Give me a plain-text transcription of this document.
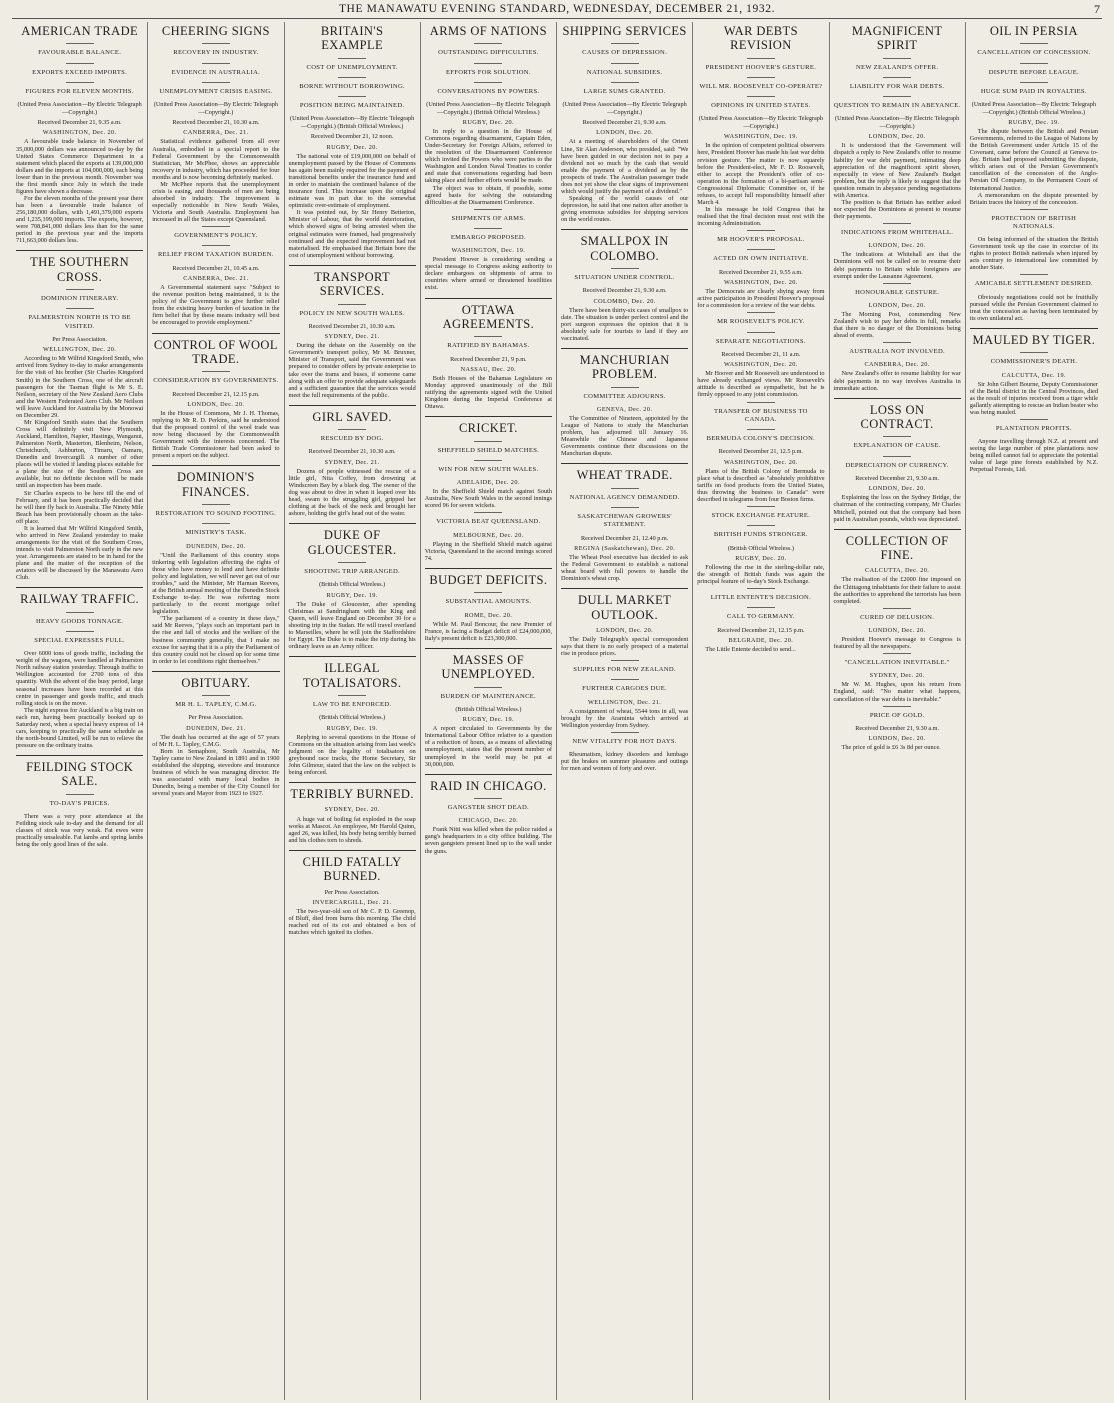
THE MANAWATU EVENING STANDARD, WEDNESDAY, DECEMBER 21, 1932.	7
AMERICAN TRADE
FAVOURABLE BALANCE.
EXPORTS EXCEED IMPORTS.
FIGURES FOR ELEVEN MONTHS.
(United Press Association—By Electric Telegraph—Copyright.)
Received December 21, 9.35 a.m.
WASHINGTON, Dec. 20.

A favourable trade balance in November of 35,000,000 dollars was announced to-day by the United States Commerce Department in a statement which placed the exports at 139,000,000 dollars and the imports at 104,000,000, each being lower than in the previous month. November was the first month since July in which the trade figures have shown a decrease.

For the eleven months of the present year there has been a favourable trade balance of 256,180,000 dollars, with 1,491,379,000 exports and 1,235,199,000 imports. The exports, however, were 708,841,000 dollars less than for the same period in the previous year and the imports 711,663,000 dollars less.

THE SOUTHERN CROSS.
DOMINION ITINERARY.
PALMERSTON NORTH IS TO BE VISITED.
Per Press Association.
WELLINGTON, Dec. 20.

According to Mr Wilfrid Kingsford Smith, who arrived from Sydney to-day to make arrangements for the visit of his brother (Sir Charles Kingsford Smith) in the Southern Cross, one of the aircraft passengers for the Tasman flight is Mr S. E. Neilson, secretary of the New Zealand Aero Clubs and the Western Federated Aero Club. Mr Neilson will leave Auckland for Australia by the Monowai on December 29.

Mr Kingsford Smith states that the Southern Cross will definitely visit New Plymouth, Auckland, Hamilton, Napier, Hastings, Wanganui, Palmerston North, Masterton, Blenheim, Nelson, Christchurch, Ashburton, Timaru, Oamaru, Dunedin and Invercargill. A number of other places will be visited if landing places suitable for a plane the size of the Southern Cross are available, but no definite decision will be made until an inspection has been made.

Sir Charles expects to be here till the end of February, and it has been practically decided that he will then fly back to Australia. The Ninety Mile Beach has been provisionally chosen as the take-off place.

It is learned that Mr Wilfrid Kingsford Smith, who arrived in New Zealand yesterday to make arrangements for the visit of the Southern Cross, intends to visit Palmerston North early in the new year. Arrangements are stated to be in hand for the plane and the matter of the reception of the aviators will be discussed by the Manawatu Aero Club.

RAILWAY TRAFFIC.
HEAVY GOODS TONNAGE.
SPECIAL EXPRESSES FULL.

Over 6000 tons of goods traffic, including the weight of the wagons, were handled at Palmerston North railway station yesterday. Through traffic to Wellington accounted for 2700 tons of this quantity. With the advent of the busy period, large seasonal increases have been recorded at this centre in passenger and goods traffic, and much rolling stock is on the move.

The night express for Auckland is a big train on each run, having been practically booked up to Saturday next, when a special heavy express of 14 cars, keeping to practically the same schedule as the north-bound Limited, will be run to relieve the pressure on the ordinary trains.

FEILDING STOCK SALE.
TO-DAY'S PRICES.

There was a very poor attendance at the Feilding stock sale to-day and the demand for all classes of stock was very weak. Fat ewes were practically unsaleable. Fat lambs and spring lambs being the only good lines of the sale.

CHEERING SIGNS
RECOVERY IN INDUSTRY.
EVIDENCE IN AUSTRALIA.
UNEMPLOYMENT CRISIS EASING.
(United Press Association—By Electric Telegraph—Copyright.)
Received December 21, 10.30 a.m.
CANBERRA, Dec. 21.

Statistical evidence gathered from all over Australia, embodied in a special report to the Federal Government by the Commonwealth Statistician, Mr McPhee, shows an appreciable recovery in industry, which has proceeded for four months and is now becoming definitely marked.

Mr McPhee reports that the unemployment crisis is easing, and thousands of men are being absorbed in industry. The improvement is especially noticeable in New South Wales, Victoria and South Australia. Employment has increased in all the States except Queensland.

GOVERNMENT'S POLICY.
RELIEF FROM TAXATION BURDEN.
Received December 21, 10.45 a.m.
CANBERRA, Dec. 21.

A Governmental statement says: "Subject to the revenue position being maintained, it is the policy of the Government to give further relief from the existing heavy burden of taxation in the firm belief that by these means industry will best be encouraged to provide employment."

CONTROL OF WOOL TRADE.
CONSIDERATION BY GOVERNMENTS.
Received December 21, 12.15 p.m.
LONDON, Dec. 20.

In the House of Commons, Mr J. H. Thomas, replying to Mr R. D. Perkins, said he understood that the proposed control of the wool trade was now being discussed by the Commonwealth Government with the interests concerned. The British Trade Commissioner had been asked to present a report on the subject.

DOMINION'S FINANCES.
RESTORATION TO SOUND FOOTING.
MINISTRY'S TASK.
DUNEDIN, Dec. 20.

"Until the Parliament of this country stops tinkering with legislation affecting the rights of those who have money to lend and have definite policy and legislation, we will never get out of our troubles," said the Minister, Mr Harman Reeves, at the British annual meeting of the Dunedin Stock Exchange to-day. He was referring more particularly to the recent mortgage relief legislation.

"The parliament of a country in these days," said Mr Reeves, "plays such an important part in the rise and fall of stocks and the welfare of the business community generally, that I make no excuse for saying that it is a pity the Parliament of this country could not be closed up for some time in order to let conditions right themselves."

OBITUARY.
MR H. L. TAPLEY, C.M.G.
Per Press Association.
DUNEDIN, Dec. 21.

The death has occurred at the age of 57 years of Mr H. L. Tapley, C.M.G.

Born in Semaphore, South Australia, Mr Tapley came to New Zealand in 1891 and in 1900 established the shipping, stevedore and insurance business of which he was managing director. He was associated with many local bodies in Dunedin, being a member of the City Council for several years and Mayor from 1923 to 1927.

BRITAIN'S EXAMPLE
COST OF UNEMPLOYMENT.
BORNE WITHOUT BORROWING.
POSITION BEING MAINTAINED.
(United Press Association—By Electric Telegraph—Copyright.) (British Official Wireless.)
Received December 21, 12 noon.
RUGBY, Dec. 20.

The national vote of £19,000,000 on behalf of unemployment passed by the House of Commons has again been mainly required for the payment of transitional benefits under the insurance fund and in order to maintain the continued balance of the insurance fund. This increase upon the original estimate was in part due to the somewhat optimistic over-estimate of employment.

It was pointed out, by Sir Henry Betterton, Minister of Labour, that the world deterioration, which showed signs of being arrested when the original estimates were framed, had progressively continued and the expected improvement had not materialised. He emphasised that Britain bore the cost of unemployment without borrowing.

TRANSPORT SERVICES.
POLICY IN NEW SOUTH WALES.
Received December 21, 10.30 a.m.
SYDNEY, Dec. 21.

During the debate on the Assembly on the Government's transport policy, Mr M. Bruxner, Minister of Transport, said the Government was prepared to consider offers by private enterprise to take over the trams and buses, if someone came along with an offer to provide adequate safeguards and a sufficient guarantee that the services would meet the full requirements of the public.

GIRL SAVED.
RESCUED BY DOG.
Received December 21, 10.30 a.m.
SYDNEY, Dec. 21.

Dozens of people witnessed the rescue of a little girl, Nita Coffey, from drowning at Windscreen Bay by a black dog. The owner of the dog was about to dive in when it leaped over his head, swam to the struggling girl, gripped her clothing at the back of the neck and brought her ashore, holding the girl's head out of the water.

DUKE OF GLOUCESTER.
SHOOTING TRIP ARRANGED.
(British Official Wireless.)
RUGBY, Dec. 19.

The Duke of Gloucester, after spending Christmas at Sandringham with the King and Queen, will leave England on December 30 for a shooting trip in the Sudan. He will travel overland to Marseilles, where he will join the Staffordshire for Egypt. The Duke is to make the trip during his ordinary leave as an Army officer.

ILLEGAL TOTALISATORS.
LAW TO BE ENFORCED.
(British Official Wireless.)
RUGBY, Dec. 19.

Replying to several questions in the House of Commons on the situation arising from last week's judgment on the legality of totalisators on greyhound race tracks, the Home Secretary, Sir John Gilmour, stated that the law on the subject is being enforced.

TERRIBLY BURNED.
SYDNEY, Dec. 20.

A huge vat of boiling fat exploded in the soap works at Mascot. An employee, Mr Harold Quinn, aged 26, was killed, his body being terribly burned and his clothes torn to shreds.

CHILD FATALLY BURNED.
Per Press Association.
INVERCARGILL, Dec. 21.

The two-year-old son of Mr C. P. D. Greenop, of Bluff, died from burns this morning. The child reached out of its cot and obtained a box of matches which ignited its clothes.

ARMS OF NATIONS
OUTSTANDING DIFFICULTIES.
EFFORTS FOR SOLUTION.
CONVERSATIONS BY POWERS.
(United Press Association—By Electric Telegraph—Copyright.) (British Official Wireless.)
RUGBY, Dec. 20.

In reply to a question in the House of Commons regarding disarmament, Captain Eden, Under-Secretary for Foreign Affairs, referred to the resolution of the Disarmament Conference which invited the Powers who were parties to the Washington and London Naval Treaties to confer and state that conversations regarding had been taking place and further efforts would be made.

The object was to obtain, if possible, some agreed basis for solving the outstanding difficulties at the Disarmament Conference.

SHIPMENTS OF ARMS.
EMBARGO PROPOSED.
WASHINGTON, Dec. 19.

President Hoover is considering sending a special message to Congress asking authority to declare embargoes on shipments of arms to countries where armed or threatened hostilities exist.

OTTAWA AGREEMENTS.
RATIFIED BY BAHAMAS.
Received December 21, 9 p.m.
NASSAU, Dec. 20.

Both Houses of the Bahamas Legislature on Monday approved unanimously of the Bill ratifying the agreements signed with the United Kingdom during the Imperial Conference at Ottawa.

CRICKET.
SHEFFIELD SHIELD MATCHES.
WIN FOR NEW SOUTH WALES.
ADELAIDE, Dec. 20.

In the Sheffield Shield match against South Australia, New South Wales in the second innings scored 96 for seven wickets.

VICTORIA BEAT QUEENSLAND.
MELBOURNE, Dec. 20.

Playing in the Sheffield Shield match against Victoria, Queensland in the second innings scored 74.

BUDGET DEFICITS.
SUBSTANTIAL AMOUNTS.
ROME, Dec. 20.

While M. Paul Boncour, the new Premier of France, is facing a Budget deficit of £24,000,000, Italy's present deficit is £23,300,000.

MASSES OF UNEMPLOYED.
BURDEN OF MAINTENANCE.
(British Official Wireless.)
RUGBY, Dec. 19.

A report circulated to Governments by the International Labour Office relative to a question of a reduction of hours, as a means of alleviating unemployment, states that the present number of unemployed in the world may be put at 30,000,000.

RAID IN CHICAGO.
GANGSTER SHOT DEAD.
CHICAGO, Dec. 20.

Frank Nitti was killed when the police raided a gang's headquarters in a city office building. The seven gangsters present lined up to the wall under the guns.

SHIPPING SERVICES
CAUSES OF DEPRESSION.
NATIONAL SUBSIDIES.
LARGE SUMS GRANTED.
(United Press Association—By Electric Telegraph—Copyright.)
Received December 21, 9.30 a.m.
LONDON, Dec. 20.

At a meeting of shareholders of the Orient Line, Sir Alan Anderson, who presided, said: "We have been guided in our decision not to pay a dividend not so much by the cash that would enable the payment of a dividend as by the prospects of trade. The Australian passenger trade does not yet show the clear signs of improvement which would justify the payment of a dividend."

Speaking of the world causes of our depression, he said that one nation after another is giving enormous subsidies for shipping services on the world routes.

SMALLPOX IN COLOMBO.
SITUATION UNDER CONTROL.
Received December 21, 9.30 a.m.
COLOMBO, Dec. 20.

There have been thirty-six cases of smallpox to date. The situation is under perfect control and the port surgeon expresses the opinion that it is absolutely safe for tourists to land if they are vaccinated.

MANCHURIAN PROBLEM.
COMMITTEE ADJOURNS.
GENEVA, Dec. 20.

The Committee of Nineteen, appointed by the League of Nations to study the Manchurian problem, has adjourned till January 16. Meanwhile the Chinese and Japanese Governments continue their discussions on the Manchurian dispute.

WHEAT TRADE.
NATIONAL AGENCY DEMANDED.
SASKATCHEWAN GROWERS' STATEMENT.
Received December 21, 12.40 p.m.
REGINA (Saskatchewan), Dec. 20.

The Wheat Pool executive has decided to ask the Federal Government to establish a national wheat board with full powers to handle the Dominion's wheat crop.

DULL MARKET OUTLOOK.
LONDON, Dec. 20.

The Daily Telegraph's special correspondent says that there is no early prospect of a material rise in produce prices.

SUPPLIES FOR NEW ZEALAND.
FURTHER CARGOES DUE.
WELLINGTON, Dec. 21.

A consignment of wheat, 5544 tons in all, was brought by the Araminta which arrived at Wellington yesterday from Sydney.

NEW VITALITY FOR HOT DAYS.

Rheumatism, kidney disorders and lumbago put the brakes on summer pleasures and outings for men and women of forty and over.

WAR DEBTS REVISION
PRESIDENT HOOVER'S GESTURE.
WILL MR. ROOSEVELT CO-OPERATE?
OPINIONS IN UNITED STATES.
(United Press Association—By Electric Telegraph—Copyright.)
WASHINGTON, Dec. 19.

In the opinion of competent political observers here, President Hoover has made his last war debts revision gesture. The matter is now squarely before the President-elect, Mr F. D. Roosevelt, either to accept the President's offer of co-operation in the formation of a bi-partisan semi-Congressional Diplomatic Committee or, if he refuses, to accept full responsibility himself after March 4.

In his message he told Congress that he realised that the final decision must rest with the incoming Administration.

MR HOOVER'S PROPOSAL.
ACTED ON OWN INITIATIVE.
Received December 21, 9.55 a.m.
WASHINGTON, Dec. 20.

The Democrats are clearly shying away from active participation in President Hoover's proposal for a commission for a review of the war debts.

MR ROOSEVELT'S POLICY.
SEPARATE NEGOTIATIONS.
Received December 21, 11 a.m.
WASHINGTON, Dec. 20.

Mr Hoover and Mr Roosevelt are understood to have already exchanged views. Mr Roosevelt's attitude is described as sympathetic, but he is firmly opposed to any joint commission.

TRANSFER OF BUSINESS TO CANADA.
BERMUDA COLONY'S DECISION.
Received December 21, 12.5 p.m.
WASHINGTON, Dec. 20.

Plans of the British Colony of Bermuda to place what is described as "absolutely prohibitive tariffs on food products from the United States, thus throwing the business to Canada" were described in telegrams from four Boston firms.

STOCK EXCHANGE FEATURE.
BRITISH FUNDS STRONGER.
(British Official Wireless.)
RUGBY, Dec. 20.

Following the rise in the sterling-dollar rate, the strength of British funds was again the principal feature of to-day's Stock Exchange.

LITTLE ENTENTE'S DECISION.
CALL TO GERMANY.
Received December 21, 12.15 p.m.
BELGRADE, Dec. 20.

The Little Entente decided to send...

MAGNIFICENT SPIRIT
NEW ZEALAND'S OFFER.
LIABILITY FOR WAR DEBTS.
QUESTION TO REMAIN IN ABEYANCE.
(United Press Association—By Electric Telegraph—Copyright.)
LONDON, Dec. 20.

It is understood that the Government will dispatch a reply to New Zealand's offer to resume liability for war debt payment, intimating deep appreciation of the magnificent spirit shown, especially in view of New Zealand's Budget problem, but the reply is likely to suggest that the question remain in abeyance pending negotiations with America.

The position is that Britain has neither asked nor expected the Dominions at present to resume their payments.

INDICATIONS FROM WHITEHALL.
LONDON, Dec. 20.

The indications at Whitehall are that the Dominions will not be called on to resume their debt payments to Britain while foreigners are exempt under the Lausanne Agreement.

HONOURABLE GESTURE.
LONDON, Dec. 20.

The Morning Post, commending New Zealand's wish to pay her debts in full, remarks that there is no danger of the Dominions being ahead of events.

AUSTRALIA NOT INVOLVED.
CANBERRA, Dec. 20.

New Zealand's offer to resume liability for war debt payments in no way involves Australia in immediate action.

LOSS ON CONTRACT.
EXPLANATION OF CAUSE.
DEPRECIATION OF CURRENCY.
Received December 21, 9.30 a.m.
LONDON, Dec. 20.

Explaining the loss on the Sydney Bridge, the chairman of the contracting company, Mr Charles Mitchell, pointed out that the company had been paid in Australian pounds, which was depreciated.

COLLECTION OF FINE.
CALCUTTA, Dec. 20.

The realisation of the £2000 fine imposed on the Chittagong inhabitants for their failure to assist the authorities to apprehend the terrorists has been completed.

CURED OF DELUSION.
LONDON, Dec. 20.

President Hoover's message to Congress is featured by all the newspapers.

"CANCELLATION INEVITABLE."
SYDNEY, Dec. 20.

Mr W. M. Hughes, upon his return from England, said: "No matter what happens, cancellation of the war debts is inevitable."

PRICE OF GOLD.
Received December 21, 9.30 a.m.
LONDON, Dec. 20.

The price of gold is £6 3s 8d per ounce.

OIL IN PERSIA
CANCELLATION OF CONCESSION.
DISPUTE BEFORE LEAGUE.
HUGE SUM PAID IN ROYALTIES.
(United Press Association—By Electric Telegraph—Copyright.) (British Official Wireless.)
RUGBY, Dec. 19.

The dispute between the British and Persian Governments, referred to the League of Nations by the British Government under Article 15 of the Covenant, came before the Council at Geneva to-day. Britain had proposed submitting the dispute, which arises out of the Persian Government's cancellation of the concession of the Anglo-Persian Oil Company, to the Permanent Court of International Justice.

A memorandum on the dispute presented by Britain traces the history of the concession.

PROTECTION OF BRITISH NATIONALS.

On being informed of the situation the British Government took up the case in exercise of its rights to protect British nationals when injured by acts contrary to international law committed by another State.

AMICABLE SETTLEMENT DESIRED.

Obviously negotiations could not be fruitfully pursued while the Persian Government claimed to treat the concession as having been terminated by its own unilateral act.

MAULED BY TIGER.
COMMISSIONER'S DEATH.
CALCUTTA, Dec. 19.

Sir John Gilbert Bourne, Deputy Commissioner of the Betul district in the Central Provinces, died as the result of injuries received from a tiger while gallantly attempting to rescue an Indian beater who was being mauled.

PLANTATION PROFITS.

Anyone travelling through N.Z. at present and seeing the large number of pine plantations now being milled cannot fail to appreciate the potential value of large pine forests established by N.Z. Perpetual Forests, Ltd.
